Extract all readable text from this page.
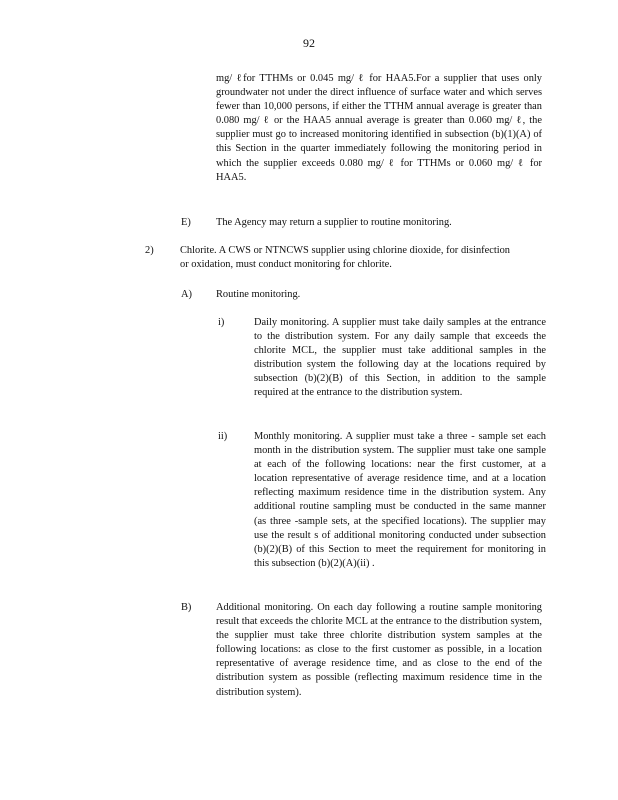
92

mg/ ℓfor TTHMs or 0.045 mg/ ℓ for HAA5.For a supplier that uses only groundwater not under the direct influence of surface water and which serves fewer than 10,000 persons, if either the TTHM annual average is greater than 0.080 mg/ ℓ or the HAA5 annual average is greater than 0.060 mg/ ℓ, the supplier must go to increased monitoring identified in subsection (b)(1)(A) of this Section in the quarter immediately following the monitoring period in which the supplier exceeds 0.080 mg/ ℓ for TTHMs or 0.060 mg/ ℓ for HAA5.

E) The Agency may return a supplier to routine monitoring.
2)	Chlorite. A CWS or NTNCWS supplier using chlorine dioxide, for disinfection or oxidation, must conduct monitoring for chlorite.
A) Routine monitoring.
i)	Daily monitoring. A supplier must take daily samples at the entrance to the distribution system. For any daily sample that exceeds the chlorite MCL, the supplier must take additional samples in the distribution system the following day at the locations required by subsection (b)(2)(B) of this Section, in addition to the sample required at the entrance to the distribution system.
ii)	Monthly monitoring. A supplier must take a three - sample set each month in the distribution system. The supplier must take one sample at each of the following locations: near the first customer, at a location representative of average residence time, and at a location reflecting maximum residence time in the distribution system. Any additional routine sampling must be conducted in the same manner (as three -sample sets, at the specified locations). The supplier may use the result s of additional monitoring conducted under subsection (b)(2)(B) of this Section to meet the requirement for monitoring in this subsection (b)(2)(A)(ii) .
B) Additional monitoring. On each day following a routine sample monitoring result that exceeds the chlorite MCL at the entrance to the distribution system, the supplier must take three chlorite distribution system samples at the following locations: as close to the first customer as possible, in a location representative of average residence time, and as close to the end of the distribution system as possible (reflecting maximum residence time in the distribution system).
